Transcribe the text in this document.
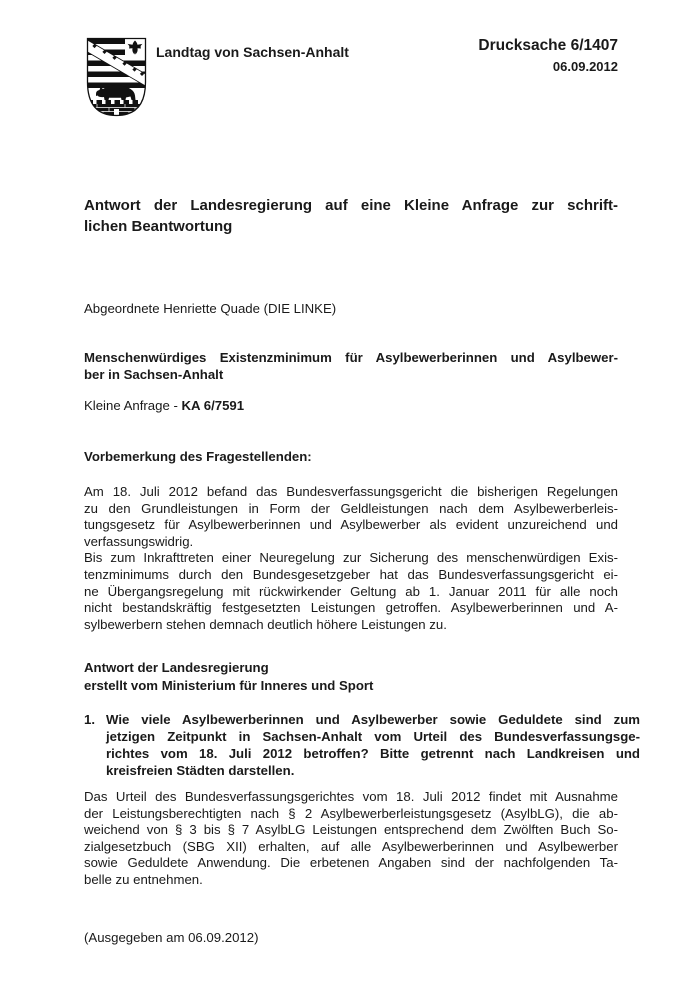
Landtag von Sachsen-Anhalt	Drucksache 6/1407
06.09.2012
Antwort der Landesregierung auf eine Kleine Anfrage zur schrift-
lichen Beantwortung
Abgeordnete Henriette Quade (DIE LINKE)
Menschenwürdiges Existenzminimum für Asylbewerberinnen und Asylbewer-
ber in Sachsen-Anhalt
Kleine Anfrage - KA 6/7591
Vorbemerkung des Fragestellenden:
Am 18. Juli 2012 befand das Bundesverfassungsgericht die bisherigen Regelungen
zu den Grundleistungen in Form der Geldleistungen nach dem Asylbewerberleis-
tungsgesetz für Asylbewerberinnen und Asylbewerber als evident unzureichend und
verfassungswidrig.
Bis zum Inkrafttreten einer Neuregelung zur Sicherung des menschenwürdigen Exis-
tenzminimums durch den Bundesgesetzgeber hat das Bundesverfassungsgericht ei-
ne Übergangsregelung mit rückwirkender Geltung ab 1. Januar 2011 für alle noch
nicht bestandskräftig festgesetzten Leistungen getroffen. Asylbewerberinnen und A-
sylbewerbern stehen demnach deutlich höhere Leistungen zu.
Antwort der Landesregierung
erstellt vom Ministerium für Inneres und Sport
1. Wie viele Asylbewerberinnen und Asylbewerber sowie Geduldete sind zum
jetzigen Zeitpunkt in Sachsen-Anhalt vom Urteil des Bundesverfassungsge-
richtes vom 18. Juli 2012 betroffen? Bitte getrennt nach Landkreisen und
kreisfreien Städten darstellen.
Das Urteil des Bundesverfassungsgerichtes vom 18. Juli 2012 findet mit Ausnahme
der Leistungsberechtigten nach § 2 Asylbewerberleistungsgesetz (AsylbLG), die ab-
weichend von § 3 bis § 7 AsylbLG Leistungen entsprechend dem Zwölften Buch So-
zialgesetzbuch (SBG XII) erhalten, auf alle Asylbewerberinnen und Asylbewerber
sowie Geduldete Anwendung. Die erbetenen Angaben sind der nachfolgenden Ta-
belle zu entnehmen.
(Ausgegeben am 06.09.2012)
